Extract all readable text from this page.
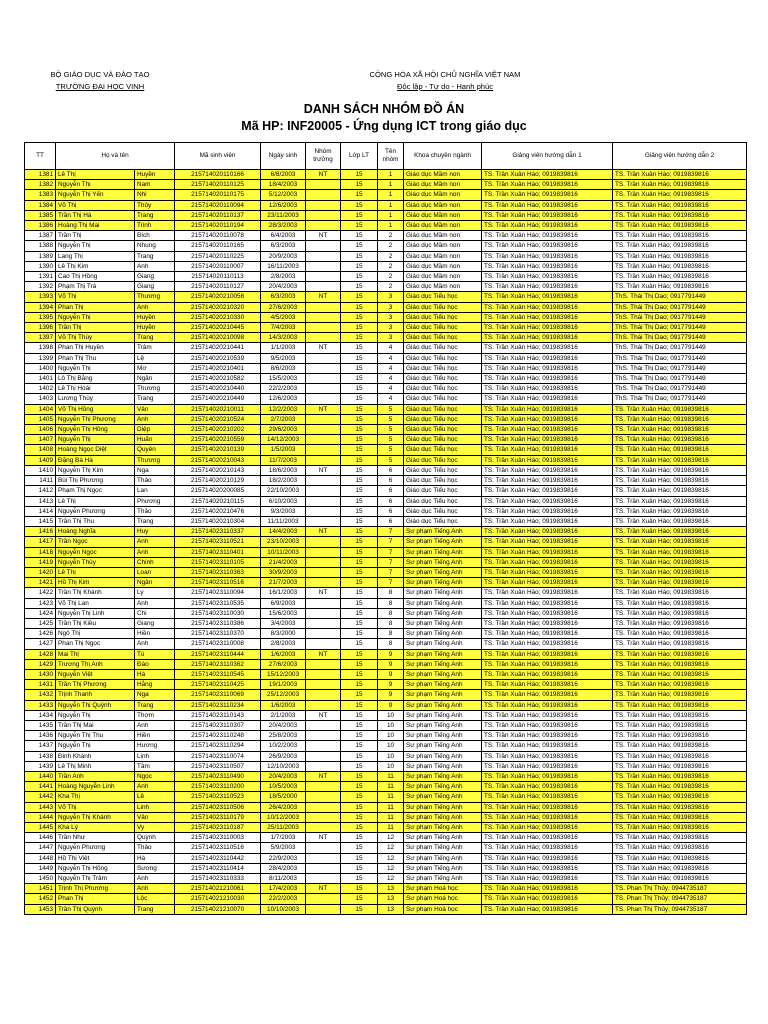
BỘ GIÁO DỤC VÀ ĐÀO TẠO
TRƯỜNG ĐẠI HỌC VINH
CỘNG HÒA XÃ HỘI CHỦ NGHĨA VIỆT NAM
Độc lập - Tự do - Hạnh phúc
DANH SÁCH NHÓM ĐỒ ÁN
Mã HP: INF20005 - Ứng dụng ICT trong giáo dục
TT	Họ và tên		Mã sinh viên	Ngày sinh	Nhóm trưởng	Lớp LT	Tên nhóm	Khoa chuyên ngành	Giảng viên hướng dẫn 1	Giảng viên hướng dẫn 2
1381	Lê Thị	Huyền	215714020110166	6/8/2003	NT	15	1	Giáo dục Mầm non	TS. Trần Xuân Hào; 0919839816	TS. Trần Xuân Hào; 0919839816
1382	Nguyễn Thị	Nam	215714020110125	18/4/2003		15	1	Giáo dục Mầm non	TS. Trần Xuân Hào; 0919839816	TS. Trần Xuân Hào; 0919839816
1383	Nguyễn Thị Yến	Nhi	215714020110175	5/12/2003		15	1	Giáo dục Mầm non	TS. Trần Xuân Hào; 0919839816	TS. Trần Xuân Hào; 0919839816
1384	Võ Thị	Thủy	215714020110094	12/6/2003		15	1	Giáo dục Mầm non	TS. Trần Xuân Hào; 0919839816	TS. Trần Xuân Hào; 0919839816
1385	Trần Thị Hà	Trang	215714020110137	23/11/2003		15	1	Giáo dục Mầm non	TS. Trần Xuân Hào; 0919839816	TS. Trần Xuân Hào; 0919839816
1386	Hoàng Thị Mai	Trinh	215714020110194	28/3/2003		15	1	Giáo dục Mầm non	TS. Trần Xuân Hào; 0919839816	TS. Trần Xuân Hào; 0919839816
1387	Trần Thị	Bích	215714020110078	6/4/2003	NT	15	2	Giáo dục Mầm non	TS. Trần Xuân Hào; 0919839816	TS. Trần Xuân Hào; 0919839816
1388	Nguyễn Thị	Nhung	215714020110165	6/3/2003		15	2	Giáo dục Mầm non	TS. Trần Xuân Hào; 0919839816	TS. Trần Xuân Hào; 0919839816
1389	Lang Thị	Trang	215714020110225	20/9/2003		15	2	Giáo dục Mầm non	TS. Trần Xuân Hào; 0919839816	TS. Trần Xuân Hào; 0919839816
1390	Lê Thị Kim	Anh	215714020110007	16/11/2003		15	2	Giáo dục Mầm non	TS. Trần Xuân Hào; 0919839816	TS. Trần Xuân Hào; 0919839816
1391	Cao Thị Hồng	Giang	215714020110113	2/8/2003		15	2	Giáo dục Mầm non	TS. Trần Xuân Hào; 0919839816	TS. Trần Xuân Hào; 0919839816
1392	Phạm Thị Trà	Giang	215714020110127	20/4/2003		15	2	Giáo dục Mầm non	TS. Trần Xuân Hào; 0919839816	TS. Trần Xuân Hào; 0919839816
1393	Võ Thị	Thương	215714020210056	6/3/2003	NT	15	3	Giáo dục Tiểu học	TS. Trần Xuân Hào; 0919839816	ThS. Thái Thị Dao; 0917791449
1394	Phan Thị	Anh	215714020210320	27/6/2003		15	3	Giáo dục Tiểu học	TS. Trần Xuân Hào; 0919839816	ThS. Thái Thị Dao; 0917791449
1395	Nguyễn Thị	Huyền	215714020210330	4/5/2003		15	3	Giáo dục Tiểu học	TS. Trần Xuân Hào; 0919839816	ThS. Thái Thị Dao; 0917791449
1396	Trần Thị	Huyền	215714020210445	7/4/2003		15	3	Giáo dục Tiểu học	TS. Trần Xuân Hào; 0919839816	ThS. Thái Thị Dao; 0917791449
1397	Võ Thị Thùy	Trang	215714020210098	14/3/2003		15	3	Giáo dục Tiểu học	TS. Trần Xuân Hào; 0919839816	ThS. Thái Thị Dao; 0917791449
1398	Phan Thị Huyền	Trâm	215714020210441	1/1/2003	NT	15	4	Giáo dục Tiểu học	TS. Trần Xuân Hào; 0919839816	ThS. Thái Thị Dao; 0917791449
1399	Phan Thị Thu	Lệ	215714020210539	9/5/2003		15	4	Giáo dục Tiểu học	TS. Trần Xuân Hào; 0919839816	ThS. Thái Thị Dao; 0917791449
1400	Nguyễn Thị	Mơ	215714020210401	8/6/2003		15	4	Giáo dục Tiểu học	TS. Trần Xuân Hào; 0919839816	ThS. Thái Thị Dao; 0917791449
1401	Lô Thị Bằng	Ngân	215714020210582	15/5/2003		15	4	Giáo dục Tiểu học	TS. Trần Xuân Hào; 0919839816	ThS. Thái Thị Dao; 0917791449
1402	Lê Thị Hoài	Thương	215714020210440	22/2/2003		15	4	Giáo dục Tiểu học	TS. Trần Xuân Hào; 0919839816	ThS. Thái Thị Dao; 0917791449
1403	Lương Thùy	Trang	215714020210449	12/6/2003		15	4	Giáo dục Tiểu học	TS. Trần Xuân Hào; 0919839816	ThS. Thái Thị Dao; 0917791449
1404	Võ Thị Hồng	Vân	215714020210011	12/2/2003	NT	15	5	Giáo dục Tiểu học	TS. Trần Xuân Hào; 0919839816	TS. Trần Xuân Hào; 0919839816
1405	Nguyễn Thị Phương	Anh	215714020210524	2/7/2003		15	5	Giáo dục Tiểu học	TS. Trần Xuân Hào; 0919839816	TS. Trần Xuân Hào; 0919839816
1406	Nguyễn Thị Hồng	Diệp	215714020210202	29/6/2003		15	5	Giáo dục Tiểu học	TS. Trần Xuân Hào; 0919839816	TS. Trần Xuân Hào; 0919839816
1407	Nguyễn Thị	Huấn	215714020210559	14/12/2003		15	5	Giáo dục Tiểu học	TS. Trần Xuân Hào; 0919839816	TS. Trần Xuân Hào; 0919839816
1408	Hoàng Ngọc Diệt	Quyên	215714020210139	1/5/2003		15	5	Giáo dục Tiểu học	TS. Trần Xuân Hào; 0919839816	TS. Trần Xuân Hào; 0919839816
1409	Đặng Bá Hà	Thương	215714020210043	11/7/2003		15	5	Giáo dục Tiểu học	TS. Trần Xuân Hào; 0919839816	TS. Trần Xuân Hào; 0919839816
1410	Nguyễn Thị Kim	Nga	215714020210143	18/6/2003	NT	15	6	Giáo dục Tiểu học	TS. Trần Xuân Hào; 0919839816	TS. Trần Xuân Hào; 0919839816
1411	Bùi Thị Phương	Thảo	215714020210129	18/2/2003		15	6	Giáo dục Tiểu học	TS. Trần Xuân Hào; 0919839816	TS. Trần Xuân Hào; 0919839816
1412	Phạm Thị Ngọc	Lan	215714020200085	22/10/2003		15	6	Giáo dục Tiểu học	TS. Trần Xuân Hào; 0919839816	TS. Trần Xuân Hào; 0919839816
1413	Lê Thị	Phương	215714020210115	6/10/2003		15	6	Giáo dục Tiểu học	TS. Trần Xuân Hào; 0919839816	TS. Trần Xuân Hào; 0919839816
1414	Nguyễn Phương	Thảo	215714020210476	9/3/2003		15	6	Giáo dục Tiểu học	TS. Trần Xuân Hào; 0919839816	TS. Trần Xuân Hào; 0919839816
1415	Trần Thị Thu	Trang	215714020210304	11/11/2003		15	6	Giáo dục Tiểu học	TS. Trần Xuân Hào; 0919839816	TS. Trần Xuân Hào; 0919839816
1416	Hoàng Nghĩa	Huy	215714023110337	14/4/2003	NT	15	7	Sư phạm Tiếng Anh	TS. Trần Xuân Hào; 0919839816	TS. Trần Xuân Hào; 0919839816
1417	Trần Ngọc	Anh	215714023110521	23/10/2003		15	7	Sư phạm Tiếng Anh	TS. Trần Xuân Hào; 0919839816	TS. Trần Xuân Hào; 0919839816
1418	Nguyễn Ngọc	Anh	215714023110401	10/11/2003		15	7	Sư phạm Tiếng Anh	TS. Trần Xuân Hào; 0919839816	TS. Trần Xuân Hào; 0919839816
1419	Nguyễn Thùy	Chinh	215714023110105	21/4/2003		15	7	Sư phạm Tiếng Anh	TS. Trần Xuân Hào; 0919839816	TS. Trần Xuân Hào; 0919839816
1420	Lê Thị	Loan	215714023110363	30/9/2003		15	7	Sư phạm Tiếng Anh	TS. Trần Xuân Hào; 0919839816	TS. Trần Xuân Hào; 0919839816
1421	Hồ Thị Kim	Ngân	215714023110516	21/7/2003		15	7	Sư phạm Tiếng Anh	TS. Trần Xuân Hào; 0919839816	TS. Trần Xuân Hào; 0919839816
1422	Trần Thị Khánh	Ly	215714023110094	16/1/2003	NT	15	8	Sư phạm Tiếng Anh	TS. Trần Xuân Hào; 0919839816	TS. Trần Xuân Hào; 0919839816
1423	Võ Thị Lan	Anh	215714023110535	6/9/2003		15	8	Sư phạm Tiếng Anh	TS. Trần Xuân Hào; 0919839816	TS. Trần Xuân Hào; 0919839816
1424	Nguyễn Thị Linh	Chi	215714023110030	15/6/2003		15	8	Sư phạm Tiếng Anh	TS. Trần Xuân Hào; 0919839816	TS. Trần Xuân Hào; 0919839816
1425	Trần Thị Kiều	Giang	215714023110386	3/4/2003		15	8	Sư phạm Tiếng Anh	TS. Trần Xuân Hào; 0919839816	TS. Trần Xuân Hào; 0919839816
1426	Ngô Thị	Hiền	215714023110370	8/3/2000		15	8	Sư phạm Tiếng Anh	TS. Trần Xuân Hào; 0919839816	TS. Trần Xuân Hào; 0919839816
1427	Phan Thị Ngọc	Anh	215714023110008	2/8/2003		15	8	Sư phạm Tiếng Anh	TS. Trần Xuân Hào; 0919839816	TS. Trần Xuân Hào; 0919839816
1428	Mai Thị	Tú	215714023110444	1/6/2003	NT	15	9	Sư phạm Tiếng Anh	TS. Trần Xuân Hào; 0919839816	TS. Trần Xuân Hào; 0919839816
1429	Trương Thị Anh	Đào	215714023110362	27/6/2003		15	9	Sư phạm Tiếng Anh	TS. Trần Xuân Hào; 0919839816	TS. Trần Xuân Hào; 0919839816
1430	Nguyễn Việt	Hà	215714023110545	15/12/2003		15	9	Sư phạm Tiếng Anh	TS. Trần Xuân Hào; 0919839816	TS. Trần Xuân Hào; 0919839816
1431	Trần Thị Phương	Hằng	215714023110425	19/1/2003		15	9	Sư phạm Tiếng Anh	TS. Trần Xuân Hào; 0919839816	TS. Trần Xuân Hào; 0919839816
1432	Trịnh Thanh	Nga	215714023110069	25/12/2003		15	9	Sư phạm Tiếng Anh	TS. Trần Xuân Hào; 0919839816	TS. Trần Xuân Hào; 0919839816
1433	Nguyễn Thị Quỳnh	Trang	215714023110234	1/6/2003		15	9	Sư phạm Tiếng Anh	TS. Trần Xuân Hào; 0919839816	TS. Trần Xuân Hào; 0919839816
1434	Nguyễn Thị	Thơm	215714023110143	2/1/2003	NT	15	10	Sư phạm Tiếng Anh	TS. Trần Xuân Hào; 0919839816	TS. Trần Xuân Hào; 0919839816
1435	Trần Thị Mai	Anh	215714023110307	20/4/2003		15	10	Sư phạm Tiếng Anh	TS. Trần Xuân Hào; 0919839816	TS. Trần Xuân Hào; 0919839816
1436	Nguyễn Thị Thu	Hiền	215714023110248	25/8/2003		15	10	Sư phạm Tiếng Anh	TS. Trần Xuân Hào; 0919839816	TS. Trần Xuân Hào; 0919839816
1437	Nguyễn Thị	Hương	215714023110294	10/2/2003		15	10	Sư phạm Tiếng Anh	TS. Trần Xuân Hào; 0919839816	TS. Trần Xuân Hào; 0919839816
1438	Đinh Khánh	Linh	215714023110074	26/9/2003		15	10	Sư phạm Tiếng Anh	TS. Trần Xuân Hào; 0919839816	TS. Trần Xuân Hào; 0919839816
1439	Lê Thị Minh	Tâm	215714023110507	12/10/2003		15	10	Sư phạm Tiếng Anh	TS. Trần Xuân Hào; 0919839816	TS. Trần Xuân Hào; 0919839816
1440	Trần Anh	Ngọc	215714023110490	20/4/2003	NT	15	11	Sư phạm Tiếng Anh	TS. Trần Xuân Hào; 0919839816	TS. Trần Xuân Hào; 0919839816
1441	Hoàng Nguyễn Linh	Anh	215714023110200	10/5/2003		15	11	Sư phạm Tiếng Anh	TS. Trần Xuân Hào; 0919839816	TS. Trần Xuân Hào; 0919839816
1442	Kha Thị	Lê	215714023110523	18/5/2000		15	11	Sư phạm Tiếng Anh	TS. Trần Xuân Hào; 0919839816	TS. Trần Xuân Hào; 0919839816
1443	Võ Thị	Linh	215714023110506	26/4/2003		15	11	Sư phạm Tiếng Anh	TS. Trần Xuân Hào; 0919839816	TS. Trần Xuân Hào; 0919839816
1444	Nguyễn Thị Khánh	Vân	215714023110179	10/12/2003		15	11	Sư phạm Tiếng Anh	TS. Trần Xuân Hào; 0919839816	TS. Trần Xuân Hào; 0919839816
1445	Kha Lý	Vy	215714023110187	25/11/2003		15	11	Sư phạm Tiếng Anh	TS. Trần Xuân Hào; 0919839816	TS. Trần Xuân Hào; 0919839816
1446	Trần Như	Quỳnh	215714023110003	1/7/2003	NT	15	12	Sư phạm Tiếng Anh	TS. Trần Xuân Hào; 0919839816	TS. Trần Xuân Hào; 0919839816
1447	Nguyễn Phương	Thảo	215714023110516	5/9/2003		15	12	Sư phạm Tiếng Anh	TS. Trần Xuân Hào; 0919839816	TS. Trần Xuân Hào; 0919839816
1448	Hồ Thị Việt	Hà	215714023110442	22/9/2003		15	12	Sư phạm Tiếng Anh	TS. Trần Xuân Hào; 0919839816	TS. Trần Xuân Hào; 0919839816
1449	Nguyễn Thị Hồng	Sương	215714023110414	28/4/2003		15	12	Sư phạm Tiếng Anh	TS. Trần Xuân Hào; 0919839816	TS. Trần Xuân Hào; 0919839816
1450	Nguyễn Thị Trâm	Anh	215714023110333	8/11/2003		15	12	Sư phạm Tiếng Anh	TS. Trần Xuân Hào; 0919839816	TS. Trần Xuân Hào; 0919839816
1451	Trịnh Thị Phương	Anh	215714021210061	17/4/2003	NT	15	13	Sư phạm Hoá học	TS. Trần Xuân Hào; 0919839816	TS. Phan Thị Thủy; 0944735187
1452	Phan Thị	Lộc	215714021210030	22/2/2003		15	13	Sư phạm Hoá học	TS. Trần Xuân Hào; 0919839816	TS. Phan Thị Thủy; 0944735187
1453	Trần Thị Quỳnh	Trang	215714021210070	10/10/2003		15	13	Sư phạm Hoá học	TS. Trần Xuân Hào; 0919839816	TS. Phan Thị Thủy; 0944735187
